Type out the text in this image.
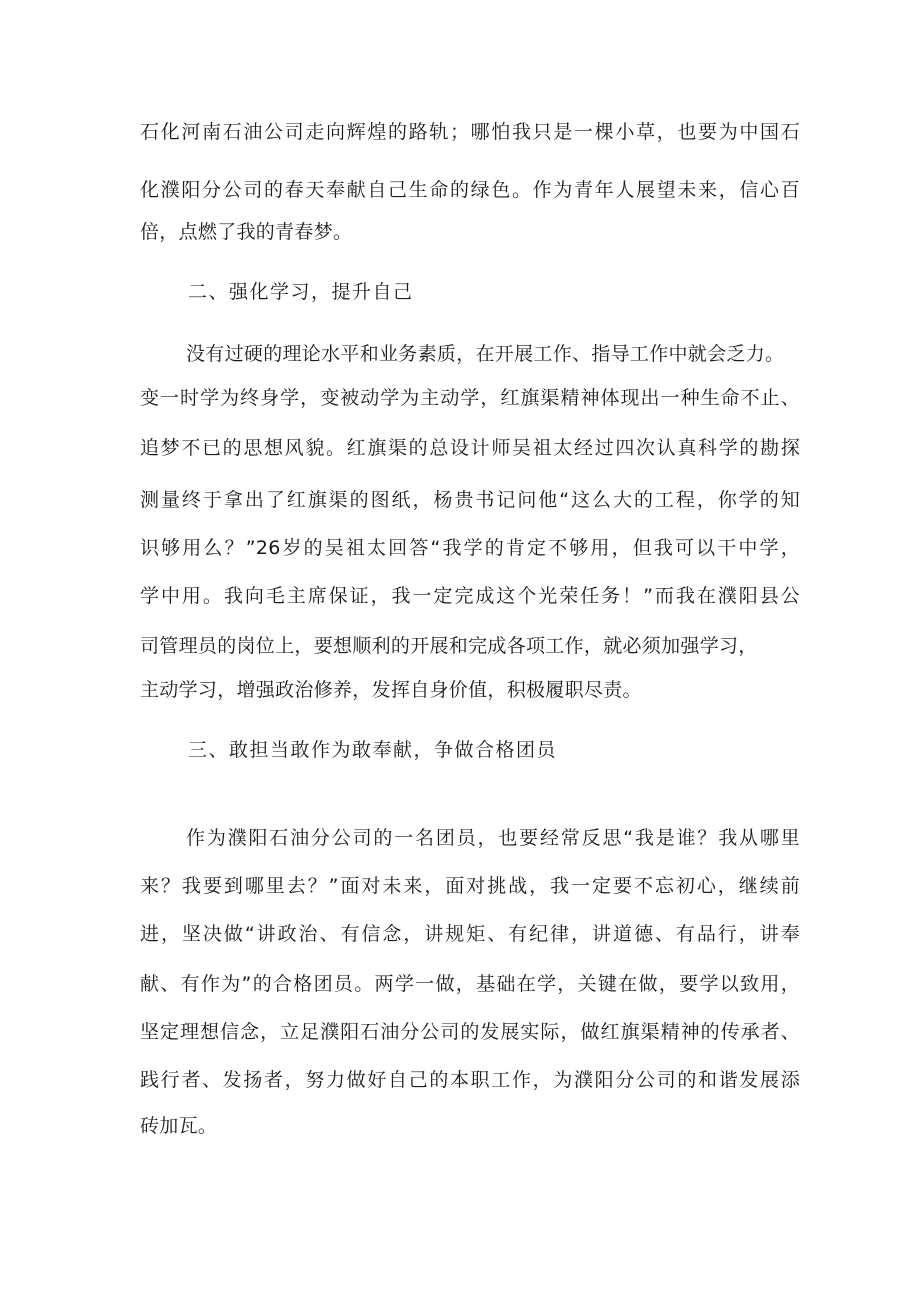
石化河南石油公司走向辉煌的路轨；哪怕我只是一棵小草，也要为中国石
化濮阳分公司的春天奉献自己生命的绿色。作为青年人展望未来，信心百
倍，点燃了我的青春梦。
二、强化学习，提升自己
没有过硬的理论水平和业务素质，在开展工作、指导工作中就会乏力。
变一时学为终身学，变被动学为主动学，红旗渠精神体现出一种生命不止、
追梦不已的思想风貌。红旗渠的总设计师吴祖太经过四次认真科学的勘探
测量终于拿出了红旗渠的图纸，杨贵书记问他“这么大的工程，你学的知
识够用么？”26岁的吴祖太回答“我学的肯定不够用，但我可以干中学，
学中用。我向毛主席保证，我一定完成这个光荣任务！”而我在濮阳县公
司管理员的岗位上，要想顺利的开展和完成各项工作，就必须加强学习，
主动学习，增强政治修养，发挥自身价值，积极履职尽责。
三、敢担当敢作为敢奉献，争做合格团员
作为濮阳石油分公司的一名团员，也要经常反思“我是谁？我从哪里
来？我要到哪里去？”面对未来，面对挑战，我一定要不忘初心，继续前
进，坚决做“讲政治、有信念，讲规矩、有纪律，讲道德、有品行，讲奉
献、有作为”的合格团员。两学一做，基础在学，关键在做，要学以致用，
坚定理想信念，立足濮阳石油分公司的发展实际，做红旗渠精神的传承者、
践行者、发扬者，努力做好自己的本职工作，为濮阳分公司的和谐发展添
砖加瓦。
